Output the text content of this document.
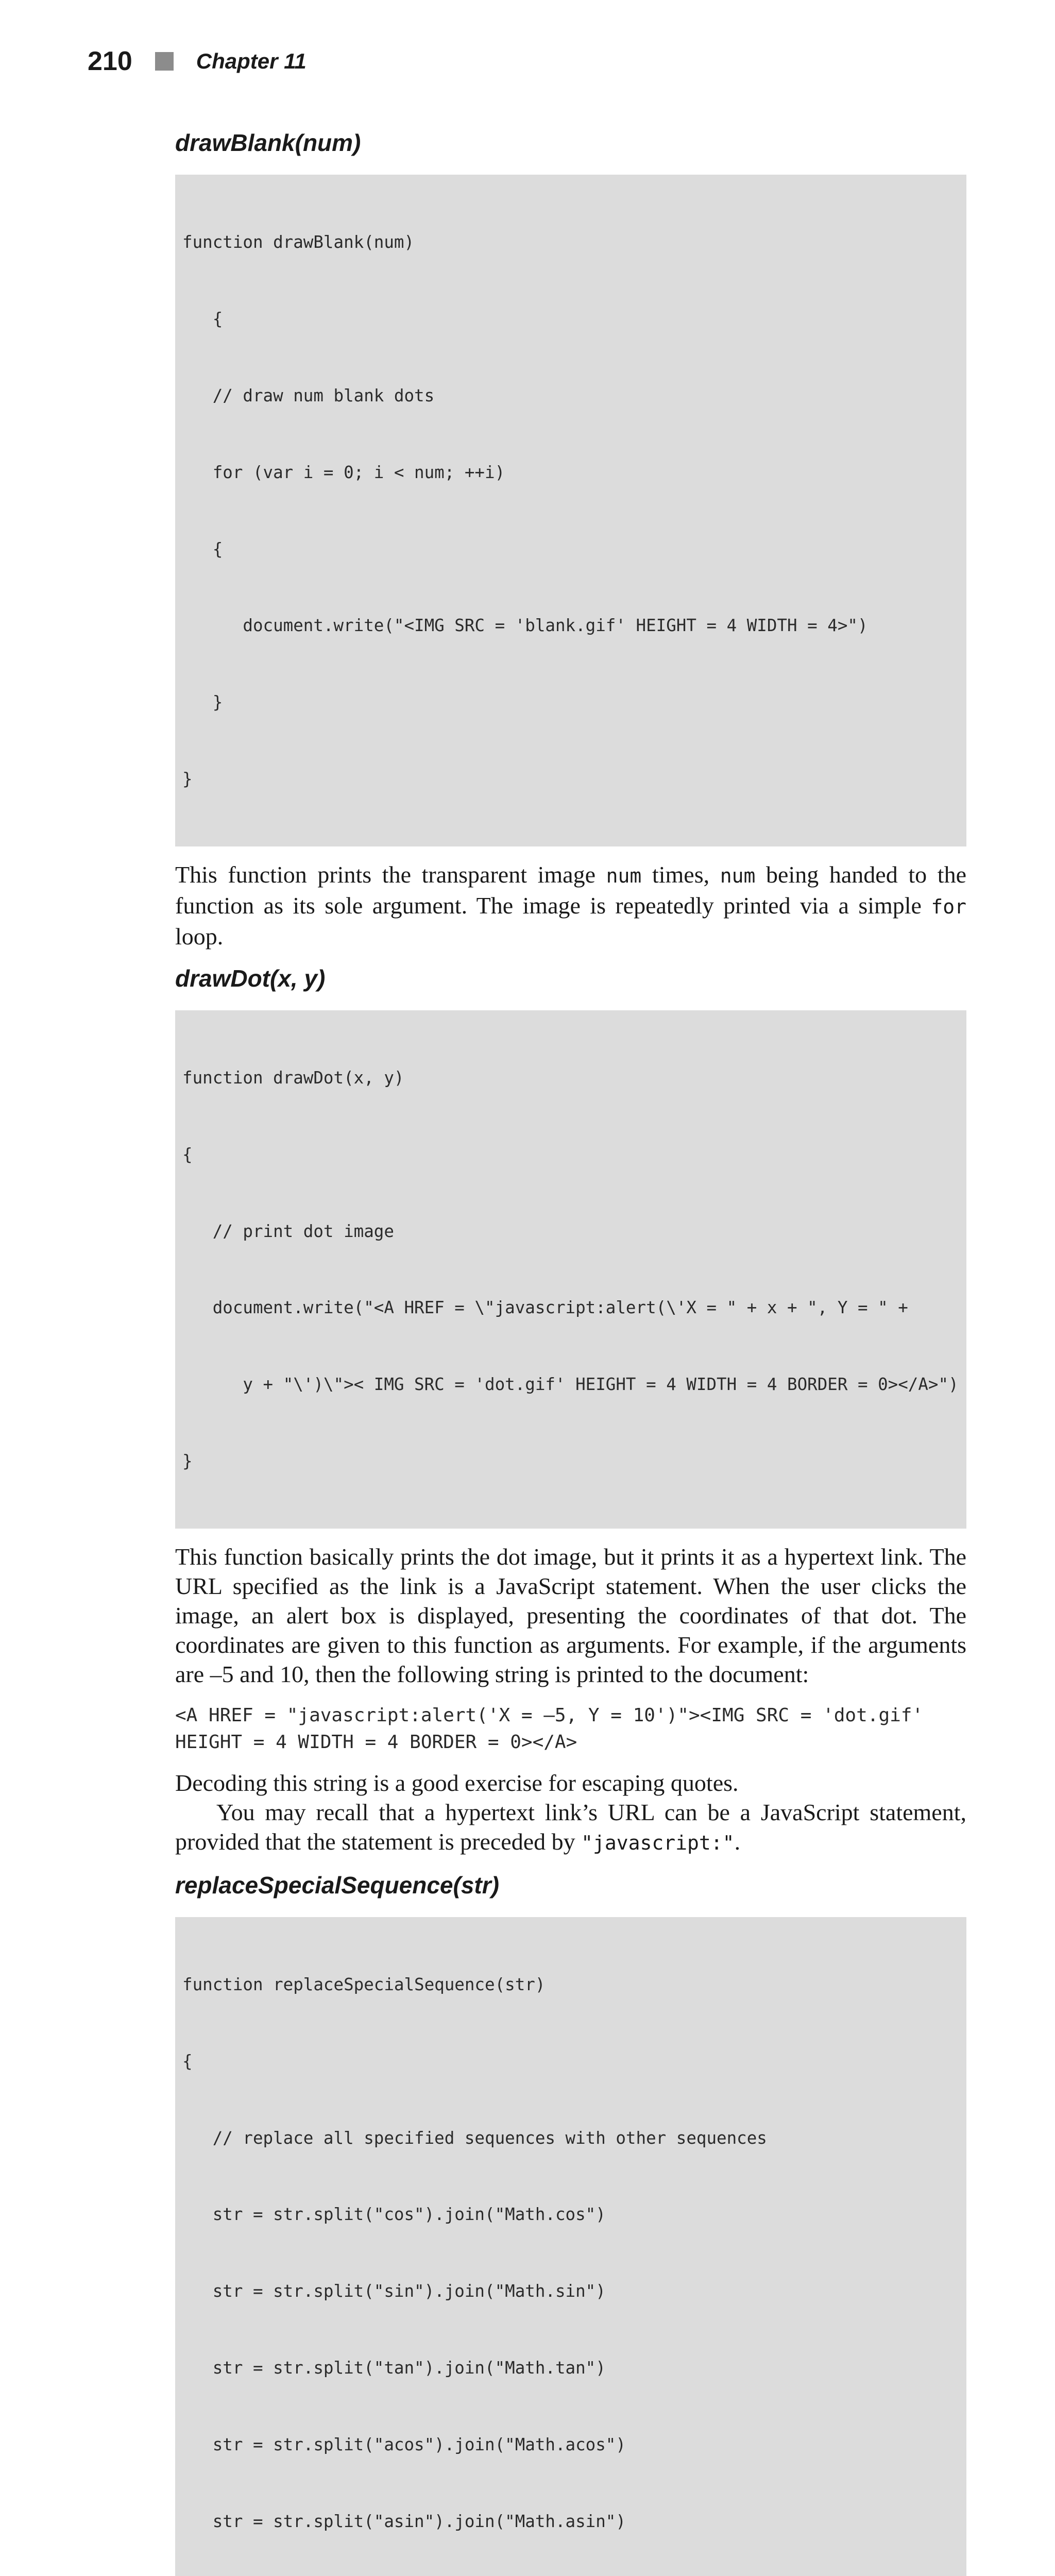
210	Chapter 11
drawBlank(num)

function drawBlank(num)

{

// draw num blank dots

for (var i = 0; i < num; ++i)

{

document.write("<IMG SRC = 'blank.gif' HEIGHT = 4 WIDTH = 4>")

}

}

This function prints the transparent image num times, num being handed to the function as its sole argument. The image is repeatedly printed via a simple for loop.

drawDot(x, y)

function drawDot(x, y)

{

// print dot image

document.write("<A HREF = \"javascript:alert(\'X = " + x + ", Y = " +

y + "\')\">< IMG SRC = 'dot.gif' HEIGHT = 4 WIDTH = 4 BORDER = 0></A>")

}

This function basically prints the dot image, but it prints it as a hypertext link. The URL specified as the link is a JavaScript statement. When the user clicks the image, an alert box is displayed, presenting the coordinates of that dot. The coordinates are given to this function as arguments. For example, if the arguments are –5 and 10, then the following string is printed to the document:

<A HREF = "javascript:alert('X = –5, Y = 10')"><IMG SRC = 'dot.gif'
HEIGHT = 4 WIDTH = 4 BORDER = 0></A>

Decoding this string is a good exercise for escaping quotes.

You may recall that a hypertext link’s URL can be a JavaScript statement, provided that the statement is preceded by "javascript:".

replaceSpecialSequence(str)

function replaceSpecialSequence(str)

{

// replace all specified sequences with other sequences

str = str.split("cos").join("Math.cos")

str = str.split("sin").join("Math.sin")

str = str.split("tan").join("Math.tan")

str = str.split("acos").join("Math.acos")

str = str.split("asin").join("Math.asin")
